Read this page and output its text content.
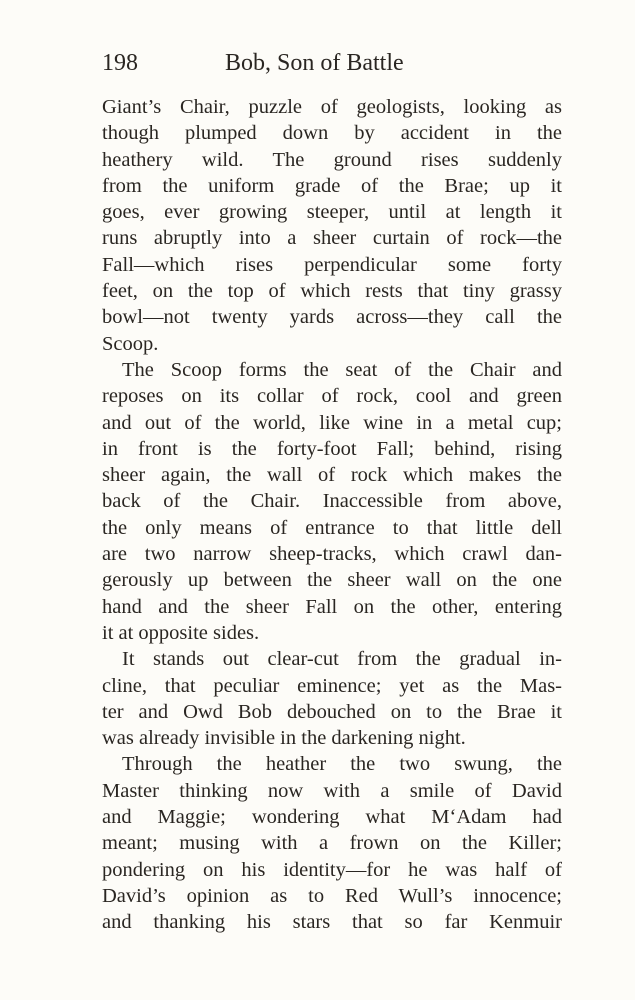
198	Bob, Son of Battle
Giant’s Chair, puzzle of geologists, looking as
though plumped down by accident in the
heathery wild. The ground rises suddenly
from the uniform grade of the Brae; up it
goes, ever growing steeper, until at length it
runs abruptly into a sheer curtain of rock—the
Fall—which rises perpendicular some forty
feet, on the top of which rests that tiny grassy
bowl—not twenty yards across—they call the
Scoop.
The Scoop forms the seat of the Chair and
reposes on its collar of rock, cool and green
and out of the world, like wine in a metal cup;
in front is the forty-foot Fall; behind, rising
sheer again, the wall of rock which makes the
back of the Chair. Inaccessible from above,
the only means of entrance to that little dell
are two narrow sheep-tracks, which crawl dan-
gerously up between the sheer wall on the one
hand and the sheer Fall on the other, entering
it at opposite sides.
It stands out clear-cut from the gradual in-
cline, that peculiar eminence; yet as the Mas-
ter and Owd Bob debouched on to the Brae it
was already invisible in the darkening night.
Through the heather the two swung, the
Master thinking now with a smile of David
and Maggie; wondering what M‘Adam had
meant; musing with a frown on the Killer;
pondering on his identity—for he was half of
David’s opinion as to Red Wull’s innocence;
and thanking his stars that so far Kenmuir
